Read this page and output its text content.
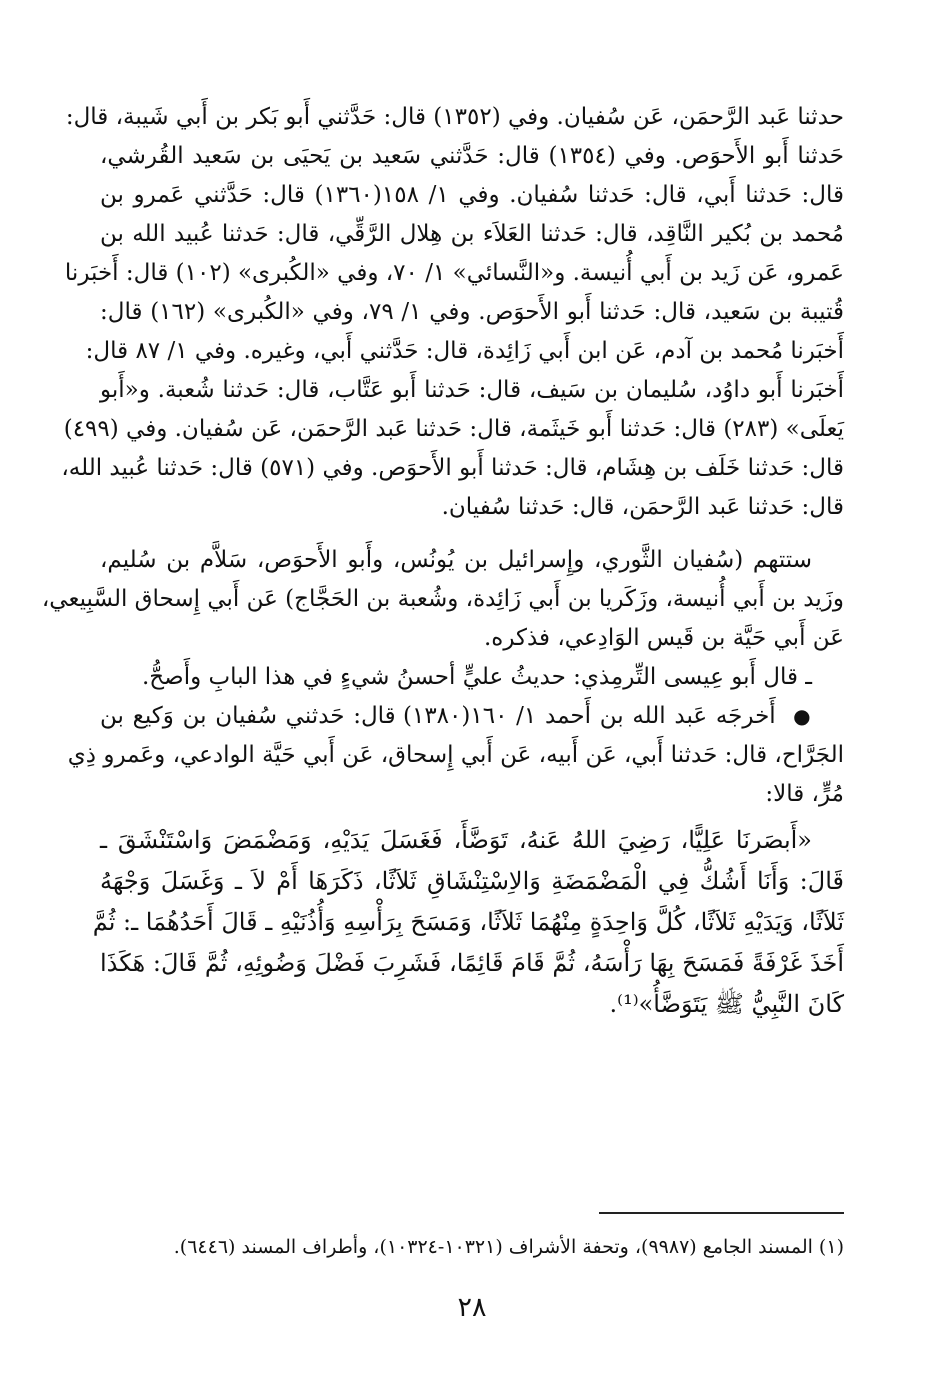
حدثنا عَبد الرَّحمَن، عَن سُفيان. وفي (١٣٥٢) قال: حَدَّثني أَبو بَكر بن أَبي شَيبة، قال:
حَدثنا أَبو الأَحوَص. وفي (١٣٥٤) قال: حَدَّثني سَعيد بن يَحيَى بن سَعيد القُرشي،
قال: حَدثنا أَبي، قال: حَدثنا سُفيان. وفي ١/ ١٥٨(١٣٦٠) قال: حَدَّثني عَمرو بن
مُحمد بن بُكير النَّاقِد، قال: حَدثنا العَلاَء بن هِلال الرَّقِّي، قال: حَدثنا عُبيد الله بن
عَمرو، عَن زَيد بن أَبي أُنيسة. و«النَّسائي» ١/ ٧٠، وفي «الكُبرى» (١٠٢) قال: أَخبَرنا
قُتيبة بن سَعيد، قال: حَدثنا أَبو الأَحوَص. وفي ١/ ٧٩، وفي «الكُبرى» (١٦٢) قال:
أَخبَرنا مُحمد بن آدم، عَن ابن أَبي زَائِدة، قال: حَدَّثني أَبي، وغيره. وفي ١/ ٨٧ قال:
أَخبَرنا أَبو داوُد، سُليمان بن سَيف، قال: حَدثنا أَبو عَتَّاب، قال: حَدثنا شُعبة. و«أَبو
يَعلَى» (٢٨٣) قال: حَدثنا أَبو خَيثَمة، قال: حَدثنا عَبد الرَّحمَن، عَن سُفيان. وفي (٤٩٩)
قال: حَدثنا خَلَف بن هِشَام، قال: حَدثنا أَبو الأَحوَص. وفي (٥٧١) قال: حَدثنا عُبيد الله،
قال: حَدثنا عَبد الرَّحمَن، قال: حَدثنا سُفيان.
ستتهم (سُفيان الثَّوري، وإِسرائيل بن يُونُس، وأَبو الأَحوَص، سَلاَّم بن سُليم،
وزَيد بن أَبي أُنيسة، وزَكَريا بن أَبي زَائِدة، وشُعبة بن الحَجَّاج) عَن أَبي إِسحاق السَّبِيعي،
عَن أَبي حَيَّة بن قَيس الوَادِعي، فذكره.
ـ قال أَبو عِيسى التِّرمِذي: حديثُ عليٍّ أحسنُ شيءٍ في هذا البابِ وأَصحُّ.
●  أَخرجَه عَبد الله بن أَحمد ١/ ١٦٠(١٣٨٠) قال: حَدثني سُفيان بن وَكيع بن
الجَرَّاح، قال: حَدثنا أَبي، عَن أَبيه، عَن أَبي إِسحاق، عَن أَبي حَيَّة الوادعي، وعَمرو ذِي
مُرٍّ، قالا:
«أَبصَرنَا عَلِيًّا، رَضِيَ اللهُ عَنهُ، تَوَضَّأَ، فَغَسَلَ يَدَيْهِ، وَمَضْمَضَ وَاسْتَنْشَقَ ـ
قَالَ: وَأَنَا أَشُكُّ فِي الْمَضْمَضَةِ وَالاِسْتِنْشَاقِ ثَلاَثًا، ذَكَرَهَا أَمْ لاَ ـ وَغَسَلَ وَجْهَهُ
ثَلاَثًا، وَيَدَيْهِ ثَلاَثًا، كُلَّ وَاحِدَةٍ مِنْهُمَا ثَلاَثًا، وَمَسَحَ بِرَأْسِهِ وَأُذُنَيْهِ ـ قَالَ أَحَدُهُمَا ـ: ثُمَّ
أَخَذَ غَرْفَةً فَمَسَحَ بِهَا رَأْسَهُ، ثُمَّ قَامَ قَائِمًا، فَشَرِبَ فَضْلَ وَضُوئِهِ، ثُمَّ قَالَ: هَكَذَا
كَانَ النَّبِيُّ ﷺ يَتَوَضَّأُ»⁽¹⁾.
(١) المسند الجامع (٩٩٨٧)، وتحفة الأشراف (١٠٣٢١-١٠٣٢٤)، وأطراف المسند (٦٤٤٦).
٢٨
